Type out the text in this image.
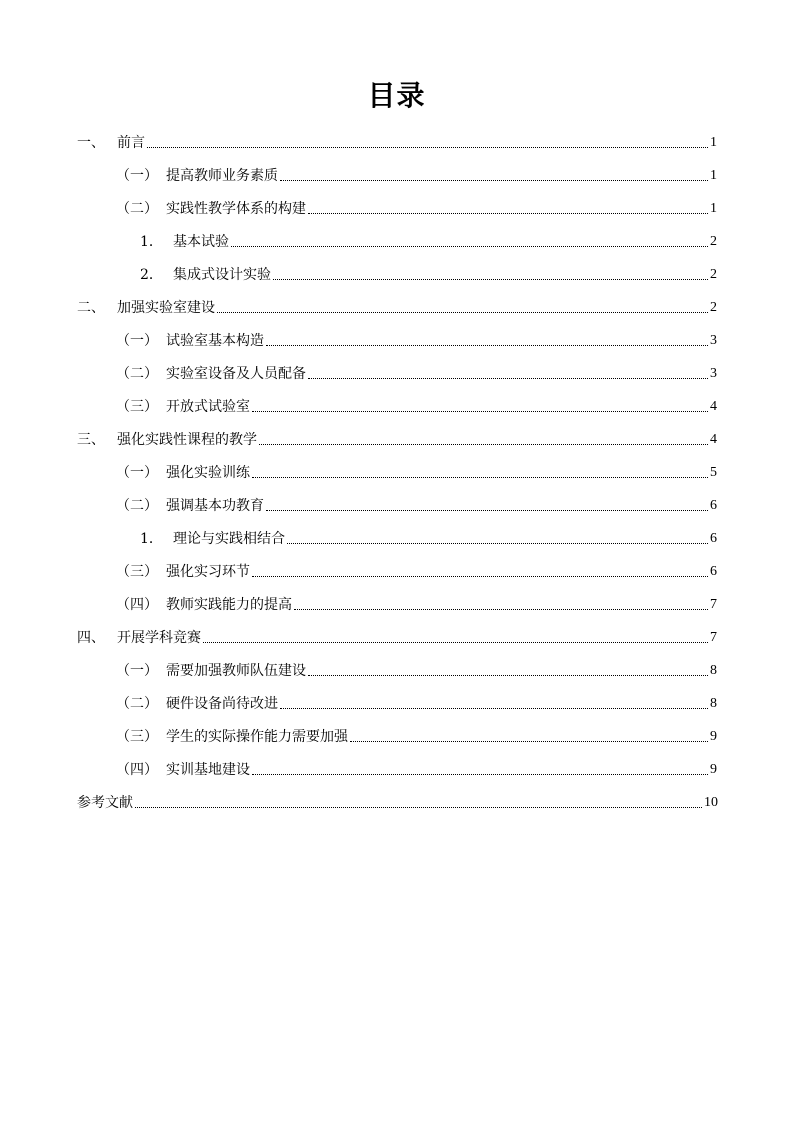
目录
一、 前言	1
（一） 提高教师业务素质	1
（二） 实践性教学体系的构建	1
1． 基本试验	2
2． 集成式设计实验	2
二、 加强实验室建设	2
（一） 试验室基本构造	3
（二） 实验室设备及人员配备	3
（三） 开放式试验室	4
三、 强化实践性课程的教学	4
（一） 强化实验训练	5
（二） 强调基本功教育	6
1． 理论与实践相结合	6
（三） 强化实习环节	6
（四） 教师实践能力的提高	7
四、 开展学科竞赛	7
（一） 需要加强教师队伍建设	8
（二） 硬件设备尚待改进	8
（三） 学生的实际操作能力需要加强	9
（四） 实训基地建设	9
参考文献	10
